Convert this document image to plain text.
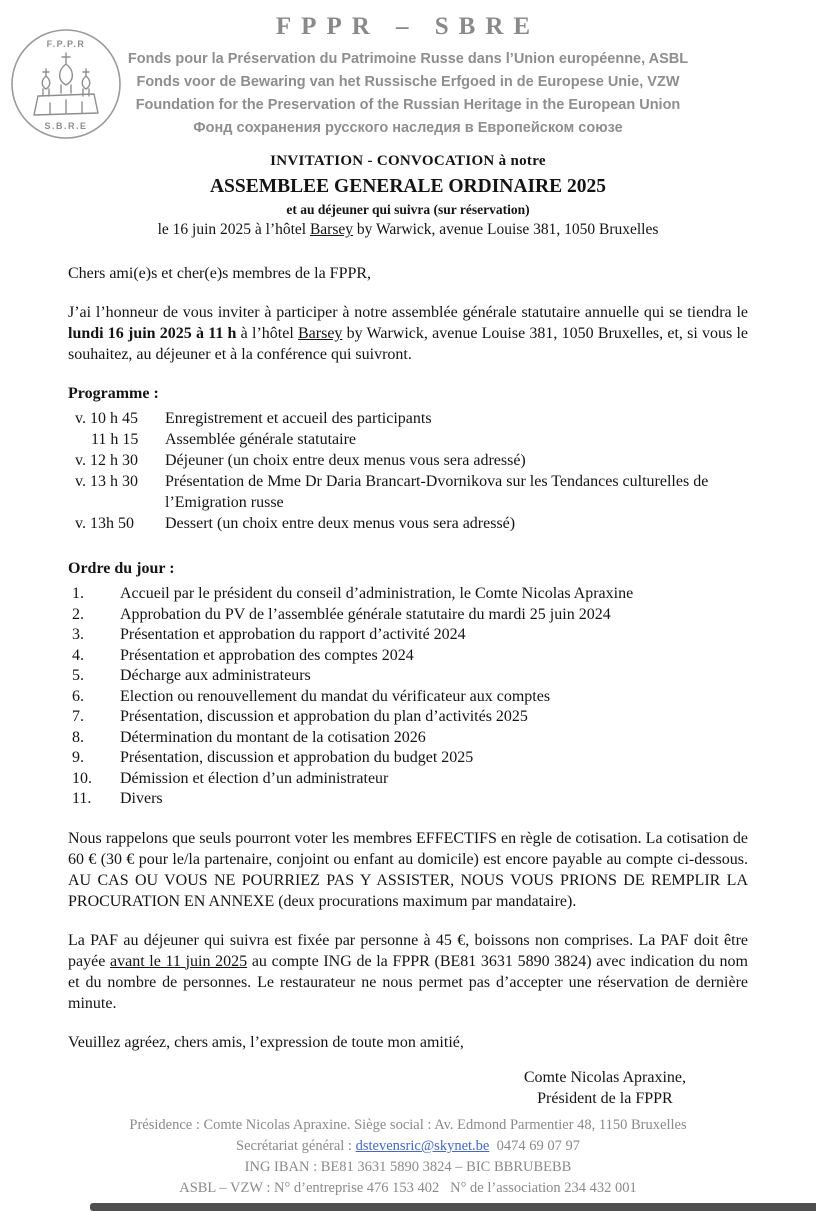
FPPR – SBRE
Fonds pour la Préservation du Patrimoine Russe dans l’Union européenne, ASBL
Fonds voor de Bewaring van het Russische Erfgoed in de Europese Unie, VZW
Foundation for the Preservation of the Russian Heritage in the European Union
Фонд сохранения русского наследия в Европейском союзе
F.P.P.R
S.B.R.E
INVITATION - CONVOCATION à notre
ASSEMBLEE GENERALE ORDINAIRE 2025
et au déjeuner qui suivra (sur réservation)
le 16 juin 2025 à l’hôtel Barsey by Warwick, avenue Louise 381, 1050 Bruxelles

Chers ami(e)s et cher(e)s membres de la FPPR,

J’ai l’honneur de vous inviter à participer à notre assemblée générale statutaire annuelle qui se tiendra le lundi 16 juin 2025 à 11 h à l’hôtel Barsey by Warwick, avenue Louise 381, 1050 Bruxelles, et, si vous le souhaitez, au déjeuner et à la conférence qui suivront.

Programme :

v. 10 h 45	Enregistrement et accueil des participants
11 h 15	Assemblée générale statutaire
v. 12 h 30	Déjeuner (un choix entre deux menus vous sera adressé)
v. 13 h 30	Présentation de Mme Dr Daria Brancart-Dvornikova sur les Tendances culturelles de l’Emigration russe
v. 13h 50	Dessert (un choix entre deux menus vous sera adressé)

Ordre du jour :

1.	Accueil par le président du conseil d’administration, le Comte Nicolas Apraxine
2.	Approbation du PV de l’assemblée générale statutaire du mardi 25 juin 2024
3.	Présentation et approbation du rapport d’activité 2024
4.	Présentation et approbation des comptes 2024
5.	Décharge aux administrateurs
6.	Election ou renouvellement du mandat du vérificateur aux comptes
7.	Présentation, discussion et approbation du plan d’activités 2025
8.	Détermination du montant de la cotisation 2026
9.	Présentation, discussion et approbation du budget 2025
10.	Démission et élection d’un administrateur
11.	Divers

Nous rappelons que seuls pourront voter les membres EFFECTIFS en règle de cotisation. La cotisation de 60 € (30 € pour le/la partenaire, conjoint ou enfant au domicile) est encore payable au compte ci-dessous. AU CAS OU VOUS NE POURRIEZ PAS Y ASSISTER, NOUS VOUS PRIONS DE REMPLIR LA PROCURATION EN ANNEXE (deux procurations maximum par mandataire).

La PAF au déjeuner qui suivra est fixée par personne à 45 €, boissons non comprises. La PAF doit être payée avant le 11 juin 2025 au compte ING de la FPPR (BE81 3631 5890 3824) avec indication du nom et du nombre de personnes. Le restaurateur ne nous permet pas d’accepter une réservation de dernière minute.

Veuillez agréez, chers amis, l’expression de toute mon amitié,

Comte Nicolas Apraxine,
Président de la FPPR
Présidence : Comte Nicolas Apraxine. Siège social : Av. Edmond Parmentier 48, 1150 Bruxelles
Secrétariat général : dstevensric@skynet.be  0474 69 07 97
ING IBAN : BE81 3631 5890 3824 – BIC BBRUBEBB
ASBL – VZW : N° d’entreprise 476 153 402   N° de l’association 234 432 001
